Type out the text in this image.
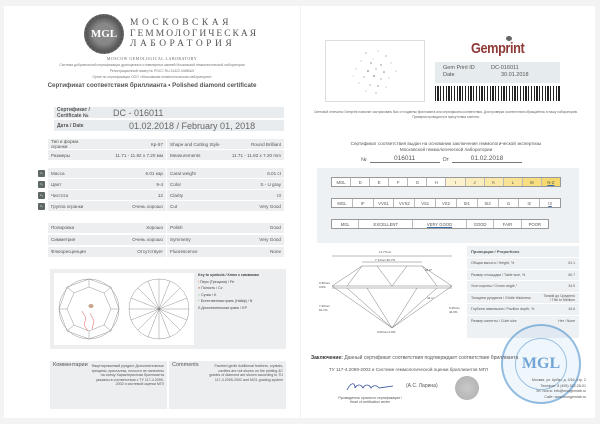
MGL
МОСКОВСКАЯ
ГЕММОЛОГИЧЕСКАЯ
ЛАБОРАТОРИЯ
MOSCOW GEMOLOGICAL LABORATORY
Система добровольной сертификации драгоценных и ювелирных камней Московской геммологической лаборатории
Регистрационный номер № РОСС RU.31422.04ИБШ0
Орган по сертификации ООО «Московская геммологическая лаборатория»
Сертификат соответствия бриллианта • Polished diamond certificate
Сертификат / Certificate №	DC - 016011
Дата / Date	01.02.2018 / February 01, 2018
Тип и форма огранки	Кр-57	Shape and Cutting Style	Round Brilliant
Размеры	11.71 - 11.82 x 7.20 мм	Measurements	11.71 - 11.82 x 7.20 mm
C₁	Масса	6.01 кар	Carat weight	6.01 ct
C₁	Цвет	9-4	Color	S - U gray
C₁	Чистота	12	Clarity	I3
C₁	Группа огранки	Очень хорошо	Cut	Very Good
Полировка	Хорошо	Polish	Good
Симметрия	Очень хорошо	Symmetry	Very Good
Флюоресценция	Отсутствует	Fluorescence	None
Key to symbols / Ключ к символам
/ Перо (Трещина) / Ftr
● Полость / Cv
○ Сучок / K
^ Естественная грань (Найф) / N
Λ Дополнительная грань / EP
Комментарии	Фацетированный рундист Дополнительные трещины, кристаллы, полости не нанесены на схему Характеристики бриллианта указаны в соответствии с ТУ 117-4.2099-2002 и системой оценки МГЛ
Comments	Faceted girdle Additional feathers, crystals, cavities are not shown on the plotting 4C grades of diamond are shown according to TU 117-4.2099-2002 and MGL grading system
Gemprint
Gem Print ID	DC-016011
Date	30.01.2018
Световой отпечаток Gemprint позволит застраховать Вас от подмены бриллианта или сертификата соответствия. Для проверки соответствия обращайтесь в нашу лабораторию. Проверка проводится в присутствии клиента.
Сертификат соответствия выдан на основании заключения геммологической экспертизы
Московской геммологической лаборатории
№	016011	От	01.02.2018
MGL	D	E	F	G	H	I	J	K	L	M	N-Z
MGL	IF	VVS1	VVS2	VS1	VS2	SI1	SI2	I1	I2	I3
MGL	EXCELLENT	VERY GOOD	GOOD	FAIR	POOR
11.77mm
7.14mm 60.7%
34.9°
0.36mm 3.0%
7.20mm 61.1%
41.1°
5.25mm 44.6%
0.00mm 0.0%
Пропорции / Proportions
Общая высота / Height, %	61.1
Размер площадки / Table size, %	60.7
Угол короны / Crown angle,°	34.9
Толщина рундиста / Girdle thickness	Тонкий до Среднего / Thin to Medium
Глубина павильона / Pavilion depth, %	44.6
Размер калетты / Culet size	Нет / None
MGL
Заключение: Данный сертификат соответствия подтверждает соответствие бриллианта
ТУ 117-4.2099-2002 и Системе геммологической оценки бриллиантов МГЛ
(А.С. Ларина)
Руководитель органа по сертификации /
Head of certification center
Москва, ул. Арбат, д. 3/16, стр. 2
Телефон: 8 (495) 322-28-01
Эл. почта: info@mosgemlab.ru
Сайт: www.mosgemlab.ru
